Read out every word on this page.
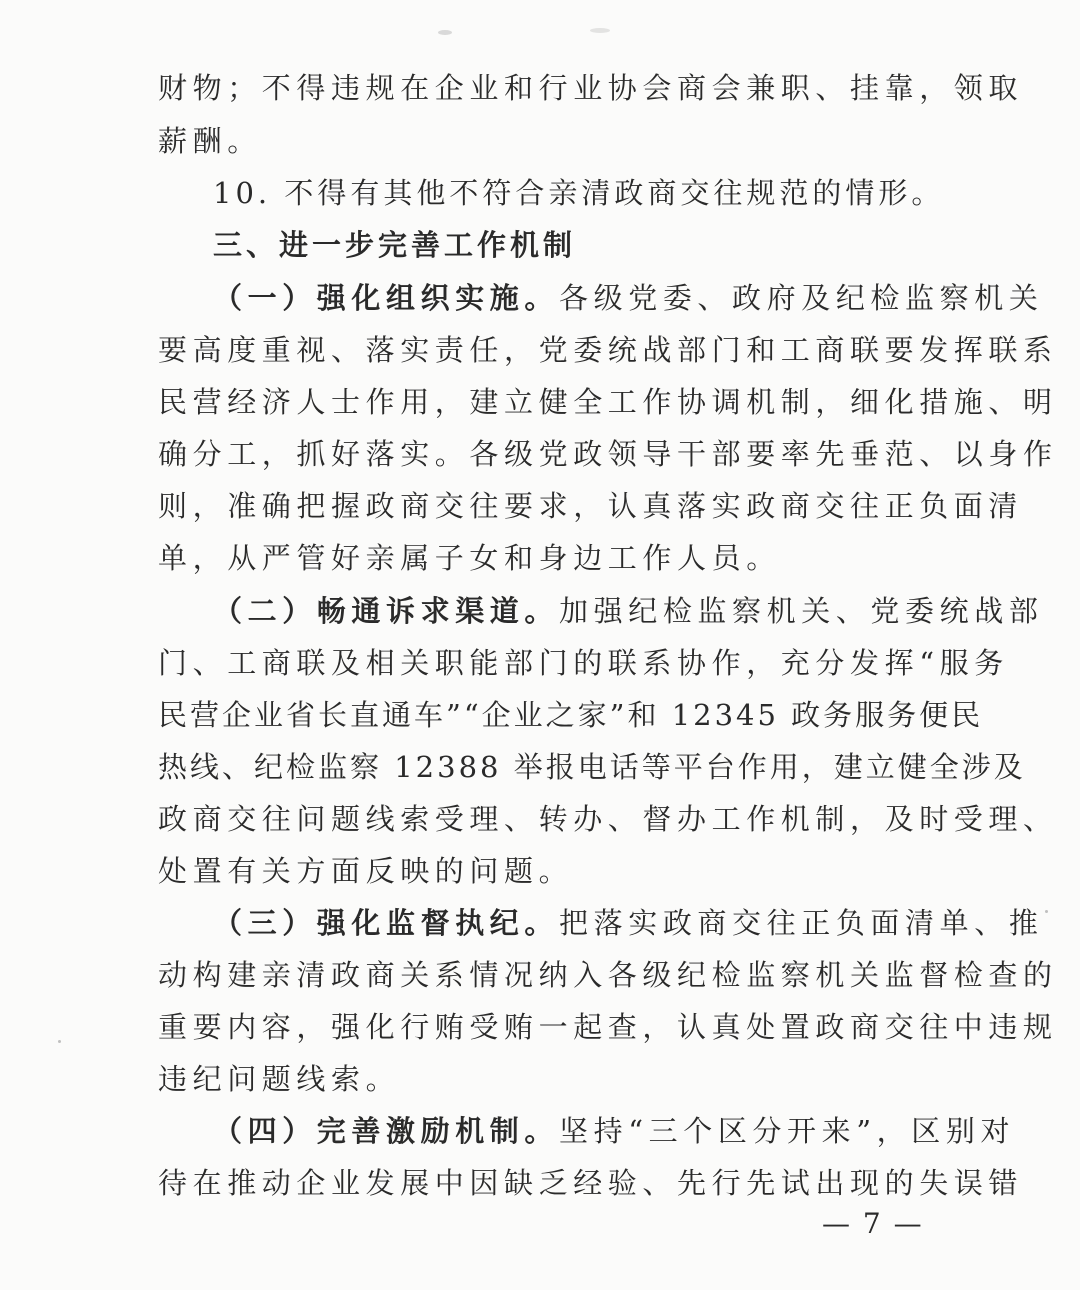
财物；不得违规在企业和行业协会商会兼职、挂靠，领取
薪酬。
10. 不得有其他不符合亲清政商交往规范的情形。
三、进一步完善工作机制
（一）强化组织实施。各级党委、政府及纪检监察机关
要高度重视、落实责任，党委统战部门和工商联要发挥联系
民营经济人士作用，建立健全工作协调机制，细化措施、明
确分工，抓好落实。各级党政领导干部要率先垂范、以身作
则，准确把握政商交往要求，认真落实政商交往正负面清
单，从严管好亲属子女和身边工作人员。
（二）畅通诉求渠道。加强纪检监察机关、党委统战部
门、工商联及相关职能部门的联系协作，充分发挥“服务
民营企业省长直通车”“企业之家”和 12345 政务服务便民
热线、纪检监察 12388 举报电话等平台作用，建立健全涉及
政商交往问题线索受理、转办、督办工作机制，及时受理、
处置有关方面反映的问题。
（三）强化监督执纪。把落实政商交往正负面清单、推
动构建亲清政商关系情况纳入各级纪检监察机关监督检查的
重要内容，强化行贿受贿一起查，认真处置政商交往中违规
违纪问题线索。
（四）完善激励机制。坚持“三个区分开来”，区别对
待在推动企业发展中因缺乏经验、先行先试出现的失误错
— 7 —
